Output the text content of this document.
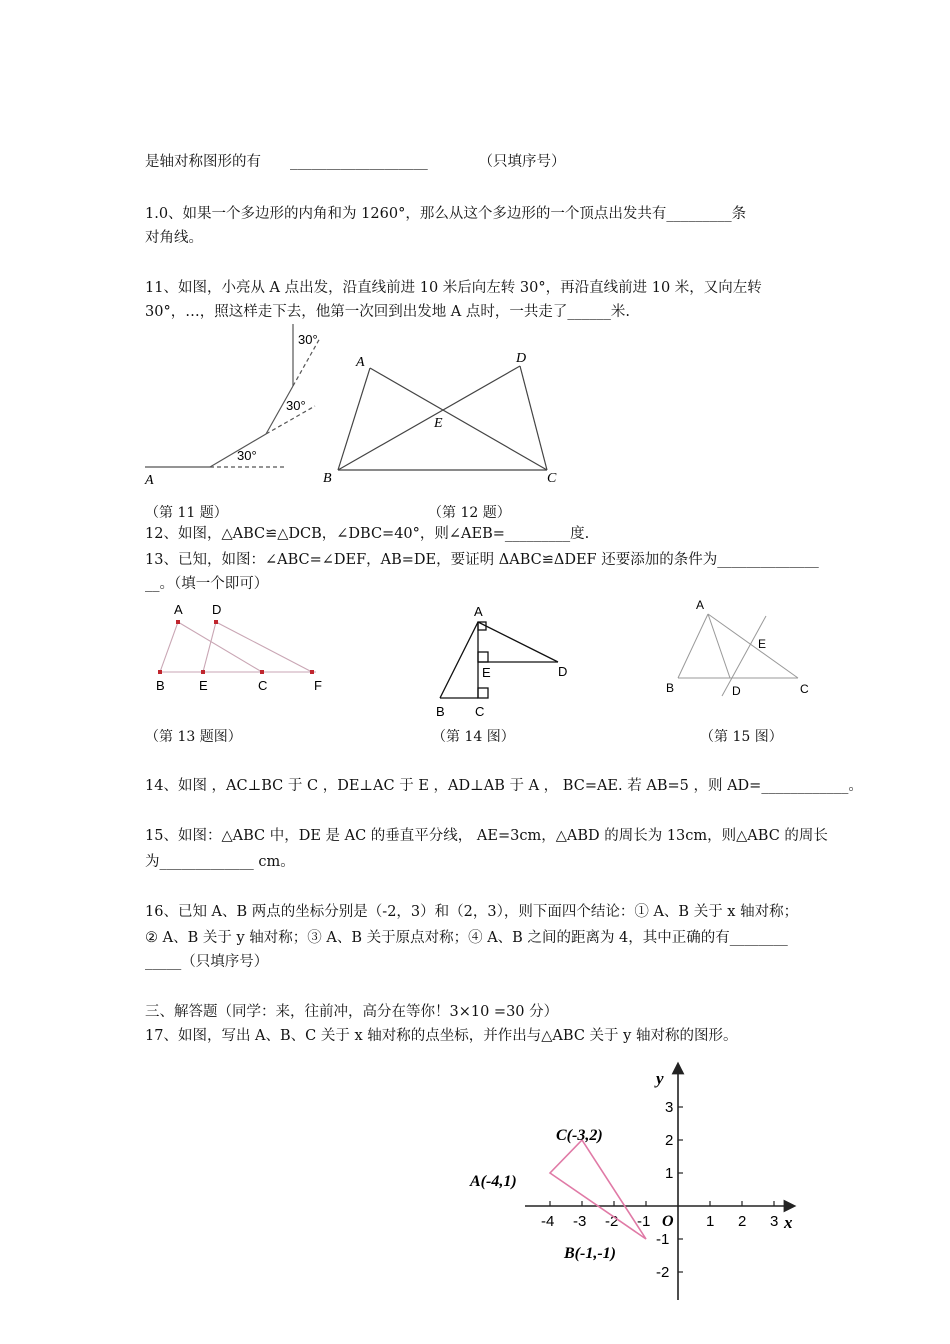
是轴对称图形的有　　___________________　　　　（只填序号）
1.0、如果一个多边形的内角和为 1260°，那么从这个多边形的一个顶点出发共有_________条
对角线。
11、如图，小亮从 A 点出发，沿直线前进 10 米后向左转 30°，再沿直线前进 10 米，又向左转
30°，…，照这样走下去，他第一次回到出发地 A 点时，一共走了______米.
30°
30°
30°
A
A	D
E
B	C
（第 11 题）	（第 12 题）
12、如图，△ABC≌△DCB，∠DBC=40°，则∠AEB=_________度.
13、已知，如图：∠ABC=∠DEF，AB=DE，要证明 ΔABC≌ΔDEF 还要添加的条件为______________
__。（填一个即可）
A D
B	E	C	F
A
E	D
B C
A
E
B	D	C
（第 13 题图）	（第 14 图）	（第 15 图）
14、如图 ，AC⊥BC 于 C ，DE⊥AC 于 E ，AD⊥AB 于 A ， BC=AE. 若 AB=5 ，则 AD=____________。
15、如图：△ABC 中，DE 是 AC 的垂直平分线， AE=3cm，△ABD 的周长为 13cm，则△ABC 的周长
为_____________ cm。
16、已知 A、B 两点的坐标分别是（-2，3）和（2，3），则下面四个结论：① A、B 关于 x 轴对称；
② A、B 关于 y 轴对称；③ A、B 关于原点对称；④ A、B 之间的距离为 4，其中正确的有________
_____（只填序号）
三、解答题（同学：来，往前冲，高分在等你！3×10 =30 分）
17、如图，写出 A、B、C 关于 x 轴对称的点坐标，并作出与△ABC 关于 y 轴对称的图形。
-4 -3 -2 -1	1 2 3
3
2
1
-1
-2
y
x
O
C(-3,2)
A(-4,1)
B(-1,-1)
